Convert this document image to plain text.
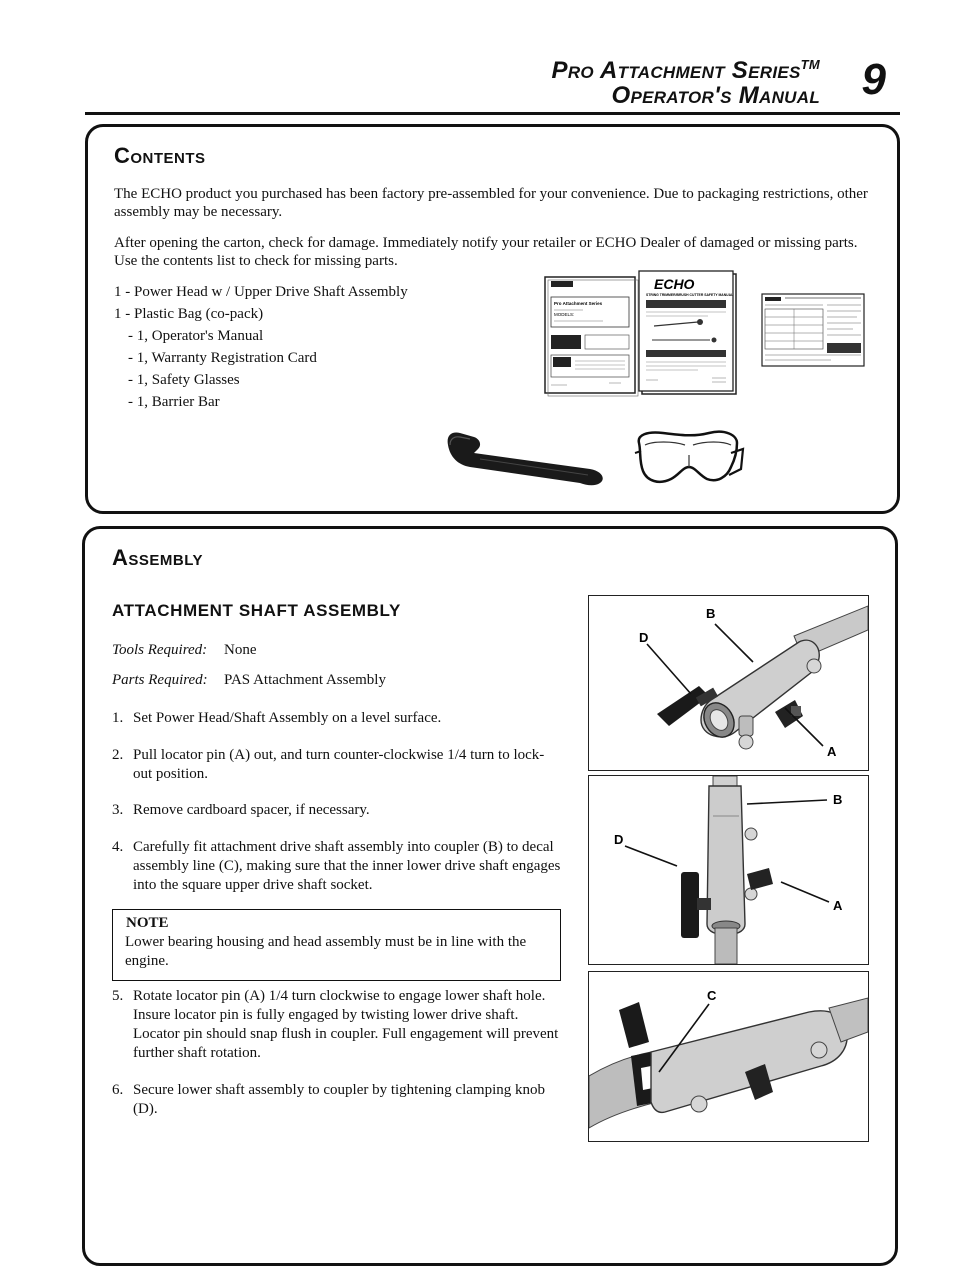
Pro Attachment Series™
Operator's Manual 9
Contents

The ECHO product you purchased has been factory pre-assembled for your convenience. Due to packaging restrictions, other assembly may be necessary.

After opening the carton, check for damage. Immediately notify your retailer or ECHO Dealer of damaged or missing parts. Use the contents list to check for missing parts.

1 - Power Head w / Upper Drive Shaft Assembly
1 - Plastic Bag (co-pack)
- 1, Operator's Manual
- 1, Warranty Registration Card
- 1, Safety Glasses
- 1, Barrier Bar
Pro Attachment Series
MODELS:
ECHO
STRING TRIMMER/BRUSH CUTTER SAFETY MANUAL
Assembly
ATTACHMENT SHAFT ASSEMBLY
Tools Required: None
Parts Required: PAS Attachment Assembly
1. Set Power Head/Shaft Assembly on a level surface.
2. Pull locator pin (A) out, and turn counter-clockwise 1/4 turn to lock-out position.
3. Remove cardboard spacer, if necessary.
4. Carefully fit attachment drive shaft assembly into coupler (B) to decal assembly line (C), making sure that the inner lower drive shaft engages into the square upper drive shaft socket.
NOTE
Lower bearing housing and head assembly must be in line with the engine.
5. Rotate locator pin (A) 1/4 turn clockwise to engage lower shaft hole. Insure locator pin is fully engaged by twisting lower drive shaft. Locator pin should snap flush in coupler. Full engagement will prevent further shaft rotation.
6. Secure lower shaft assembly to coupler by tightening clamping knob (D).
B
D
A
B
D
A
C
